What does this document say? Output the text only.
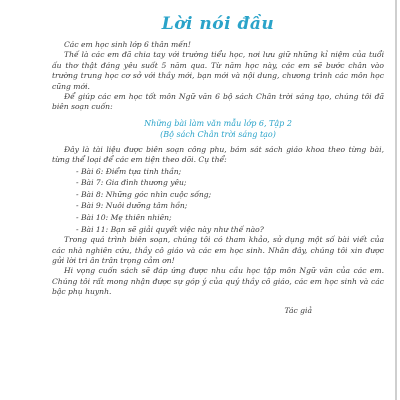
Lời nói đầu

Các em học sinh lớp 6 thân mến!

Thế là các em đã chia tay với trường tiểu học, nơi lưu giữ những kỉ niệm của tuổi ấu thơ thật đáng yêu suốt 5 năm qua. Từ năm học này, các em sẽ bước chân vào trường trung học cơ sở với thầy mới, bạn mới và nội dung, chương trình các môn học cũng mới.

Để giúp các em học tốt môn Ngữ văn 6 bộ sách Chân trời sáng tạo, chúng tôi đã biên soạn cuốn:

Những bài làm văn mẫu lớp 6, Tập 2
(Bộ sách Chân trời sáng tạo)

Đây là tài liệu được biên soạn công phu, bám sát sách giáo khoa theo từng bài, từng thể loại để các em tiện theo dõi. Cụ thể:

- Bài 6: Điểm tựa tinh thần;
- Bài 7: Gia đình thương yêu;
- Bài 8: Những góc nhìn cuộc sống;
- Bài 9: Nuôi dưỡng tâm hồn;
- Bài 10: Mẹ thiên nhiên;
- Bài 11: Bạn sẽ giải quyết việc này như thế nào?

Trong quá trình biên soạn, chúng tôi có tham khảo, sử dụng một số bài viết của các nhà nghiên cứu, thầy cô giáo và các em học sinh. Nhân đây, chúng tôi xin được gửi lời tri ân trân trọng cảm ơn!

Hi vọng cuốn sách sẽ đáp ứng được nhu cầu học tập môn Ngữ văn của các em. Chúng tôi rất mong nhận được sự góp ý của quý thầy cô giáo, các em học sinh và các bậc phụ huynh.

Tác giả
